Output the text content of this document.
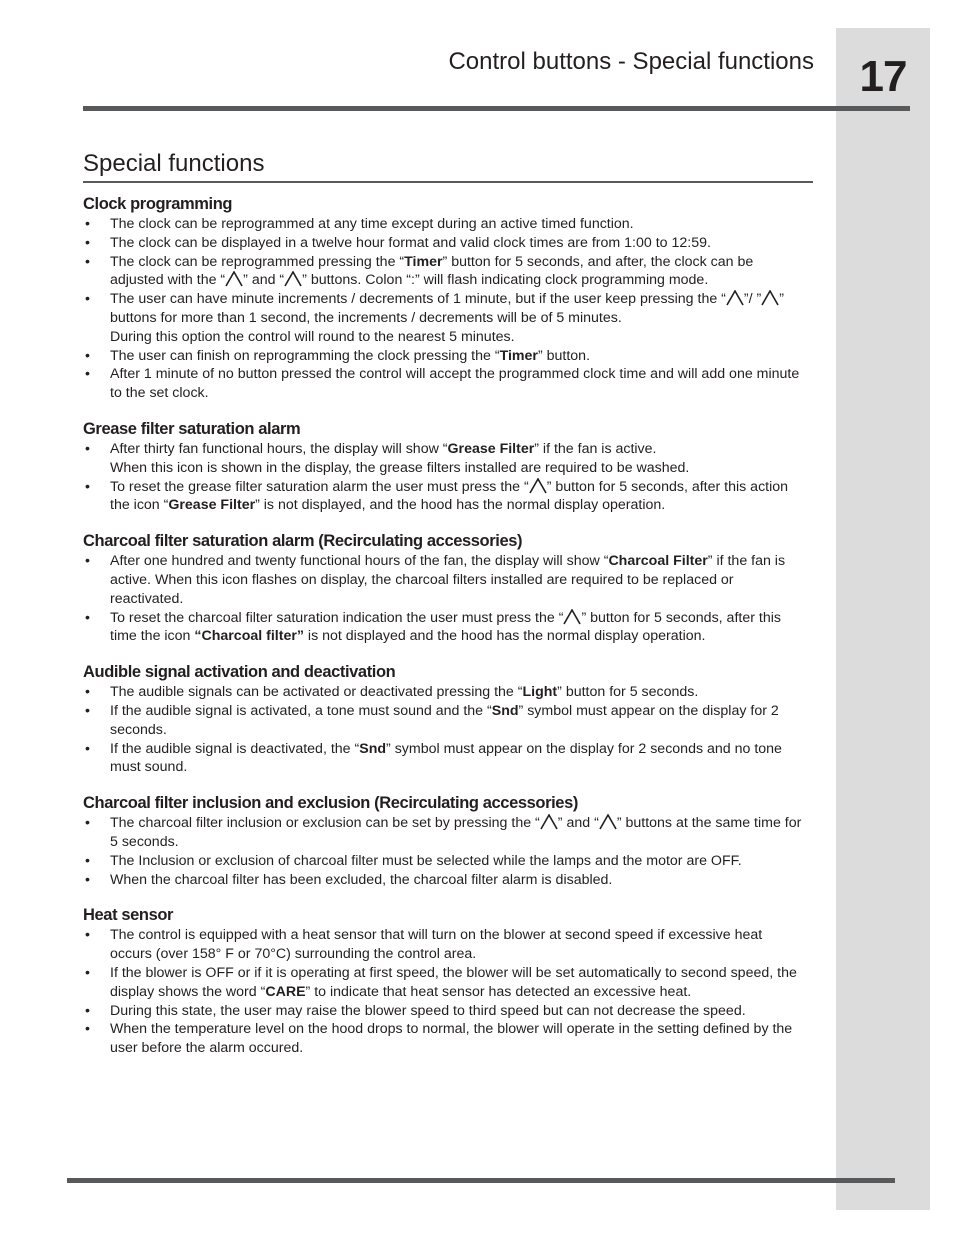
17
Control buttons - Special functions
Special functions
Clock programming
• The clock can be reprogrammed at any time except during an active timed function.
• The clock can be displayed in a twelve hour format and valid clock times are from 1:00 to 12:59.
• The clock can be reprogrammed pressing the “Timer” button for 5 seconds, and after, the clock can be adjusted with the “ ” and “ ” buttons. Colon “:” will flash indicating clock programming mode.
• The user can have minute increments / decrements of 1 minute, but if the user keep pressing the “ ”/ ” ” buttons for more than 1 second, the increments / decrements will be of 5 minutes.
During this option the control will round to the nearest 5 minutes.
• The user can finish on reprogramming the clock pressing the “Timer” button.
• After 1 minute of no button pressed the control will accept the programmed clock time and will add one minute to the set clock.
Grease filter saturation alarm
• After thirty fan functional hours, the display will show “Grease Filter” if the fan is active.
When this icon is shown in the display, the grease filters installed are required to be washed.
• To reset the grease filter saturation alarm the user must press the “ ” button for 5 seconds, after this action the icon “Grease Filter” is not displayed, and the hood has the normal display operation.
Charcoal filter saturation alarm (Recirculating accessories)
• After one hundred and twenty functional hours of the fan, the display will show “Charcoal Filter” if the fan is active. When this icon flashes on display, the charcoal filters installed are required to be replaced or reactivated.
• To reset the charcoal filter saturation indication the user must press the “ ” button for 5 seconds, after this time the icon “Charcoal filter” is not displayed and the hood has the normal display operation.
Audible signal activation and deactivation
• The audible signals can be activated or deactivated pressing the “Light” button for 5 seconds.
• If the audible signal is activated, a tone must sound and the “Snd” symbol must appear on the display for 2 seconds.
• If the audible signal is deactivated, the “Snd” symbol must appear on the display for 2 seconds and no tone must sound.
Charcoal filter inclusion and exclusion (Recirculating accessories)
• The charcoal filter inclusion or exclusion can be set by pressing the “ ” and “ ” buttons at the same time for 5 seconds.
• The Inclusion or exclusion of charcoal filter must be selected while the lamps and the motor are OFF.
• When the charcoal filter has been excluded, the charcoal filter alarm is disabled.
Heat sensor
• The control is equipped with a heat sensor that will turn on the blower at second speed if excessive heat occurs (over 158° F or 70°C) surrounding the control area.
• If the blower is OFF or if it is operating at first speed, the blower will be set automatically to second speed, the display shows the word “CARE” to indicate that heat sensor has detected an excessive heat.
• During this state, the user may raise the blower speed to third speed but can not decrease the speed.
• When the temperature level on the hood drops to normal, the blower will operate in the setting defined by the user before the alarm occured.
